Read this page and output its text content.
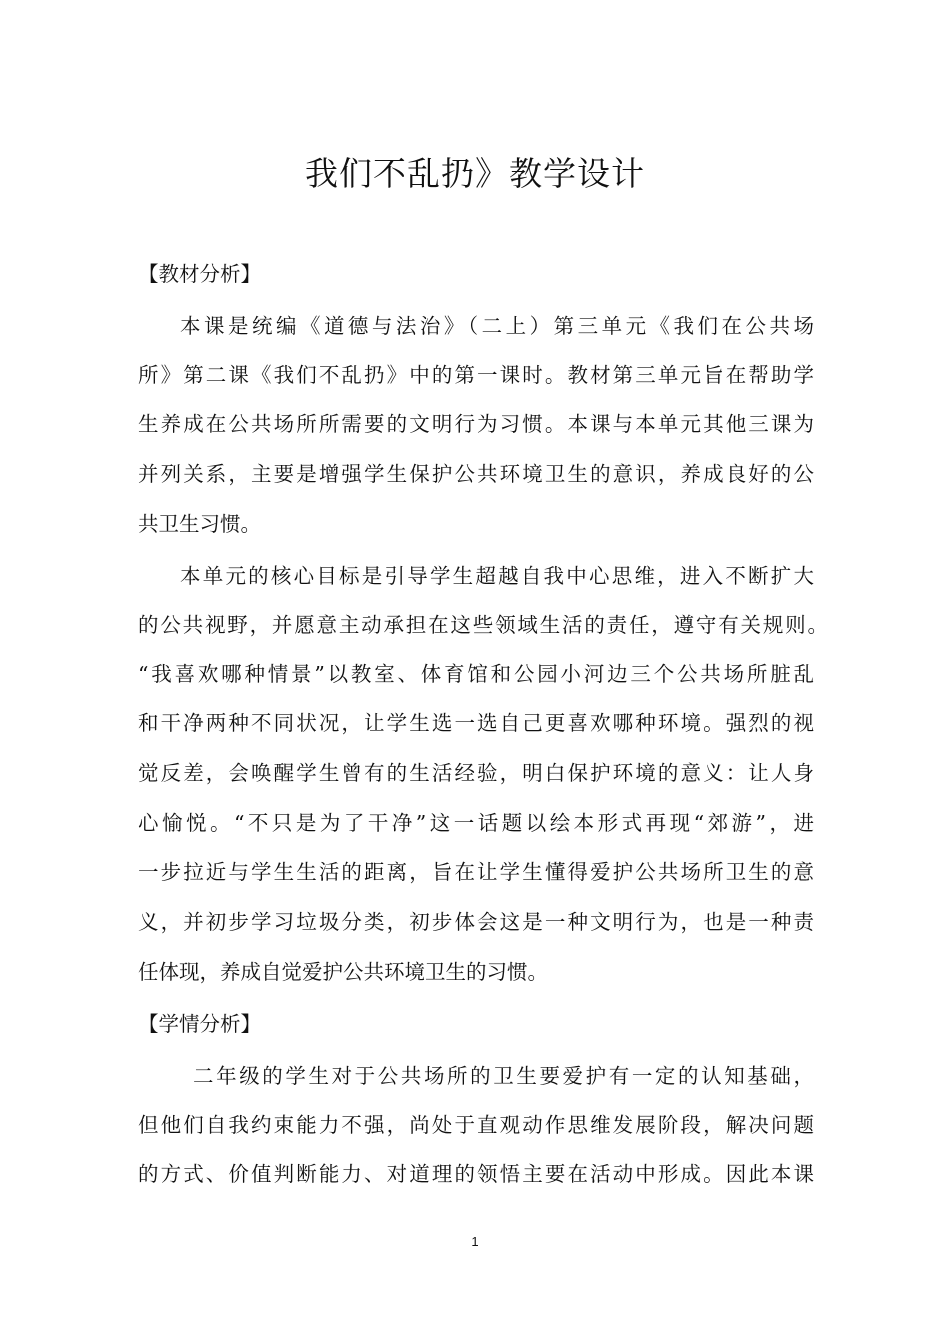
我们不乱扔》教学设计
【教材分析】
本课是统编《道德与法治》（二上）第三单元《我们在公共场
所》第二课《我们不乱扔》中的第一课时。教材第三单元旨在帮助学
生养成在公共场所所需要的文明行为习惯。本课与本单元其他三课为
并列关系，主要是增强学生保护公共环境卫生的意识，养成良好的公
共卫生习惯。
本单元的核心目标是引导学生超越自我中心思维，进入不断扩大
的公共视野，并愿意主动承担在这些领域生活的责任，遵守有关规则。
“我喜欢哪种情景”以教室、体育馆和公园小河边三个公共场所脏乱
和干净两种不同状况，让学生选一选自己更喜欢哪种环境。强烈的视
觉反差，会唤醒学生曾有的生活经验，明白保护环境的意义：让人身
心愉悦。“不只是为了干净”这一话题以绘本形式再现“郊游”，进
一步拉近与学生生活的距离，旨在让学生懂得爱护公共场所卫生的意
义，并初步学习垃圾分类，初步体会这是一种文明行为，也是一种责
任体现，养成自觉爱护公共环境卫生的习惯。
【学情分析】
二年级的学生对于公共场所的卫生要爱护有一定的认知基础，
但他们自我约束能力不强，尚处于直观动作思维发展阶段，解决问题
的方式、价值判断能力、对道理的领悟主要在活动中形成。因此本课
1
